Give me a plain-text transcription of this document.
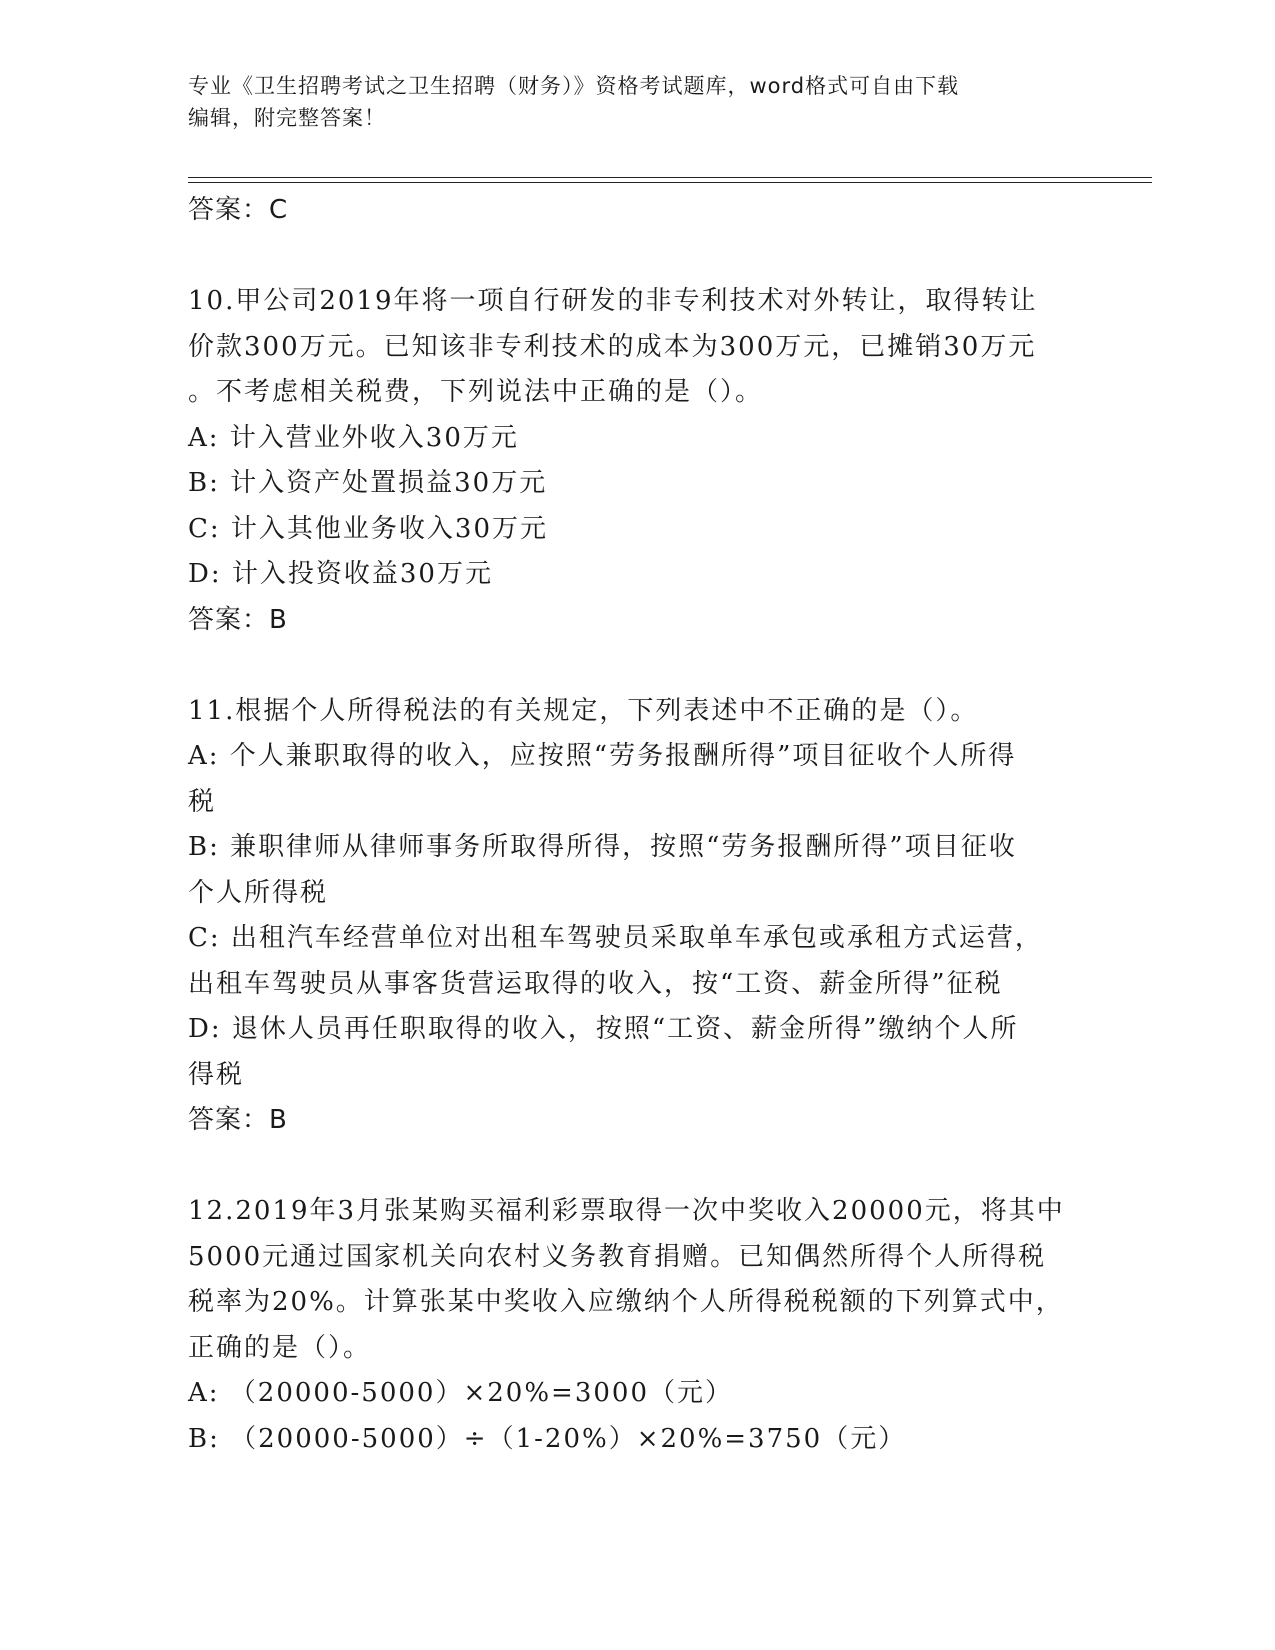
专业《卫生招聘考试之卫生招聘（财务）》资格考试题库，word格式可自由下载
编辑，附完整答案！
答案：C
10.甲公司2019年将一项自行研发的非专利技术对外转让，取得转让
价款300万元。已知该非专利技术的成本为300万元，已摊销30万元
。不考虑相关税费，下列说法中正确的是（）。
A: 计入营业外收入30万元
B: 计入资产处置损益30万元
C: 计入其他业务收入30万元
D: 计入投资收益30万元
答案：B
11.根据个人所得税法的有关规定，下列表述中不正确的是（）。
A: 个人兼职取得的收入，应按照“劳务报酬所得”项目征收个人所得
税
B: 兼职律师从律师事务所取得所得，按照“劳务报酬所得”项目征收
个人所得税
C: 出租汽车经营单位对出租车驾驶员采取单车承包或承租方式运营，
出租车驾驶员从事客货营运取得的收入，按“工资、薪金所得”征税
D: 退休人员再任职取得的收入，按照“工资、薪金所得”缴纳个人所
得税
答案：B
12.2019年3月张某购买福利彩票取得一次中奖收入20000元，将其中
5000元通过国家机关向农村义务教育捐赠。已知偶然所得个人所得税
税率为20%。计算张某中奖收入应缴纳个人所得税税额的下列算式中，
正确的是（）。
A: （20000-5000）×20%=3000（元）
B: （20000-5000）÷（1-20%）×20%=3750（元）
